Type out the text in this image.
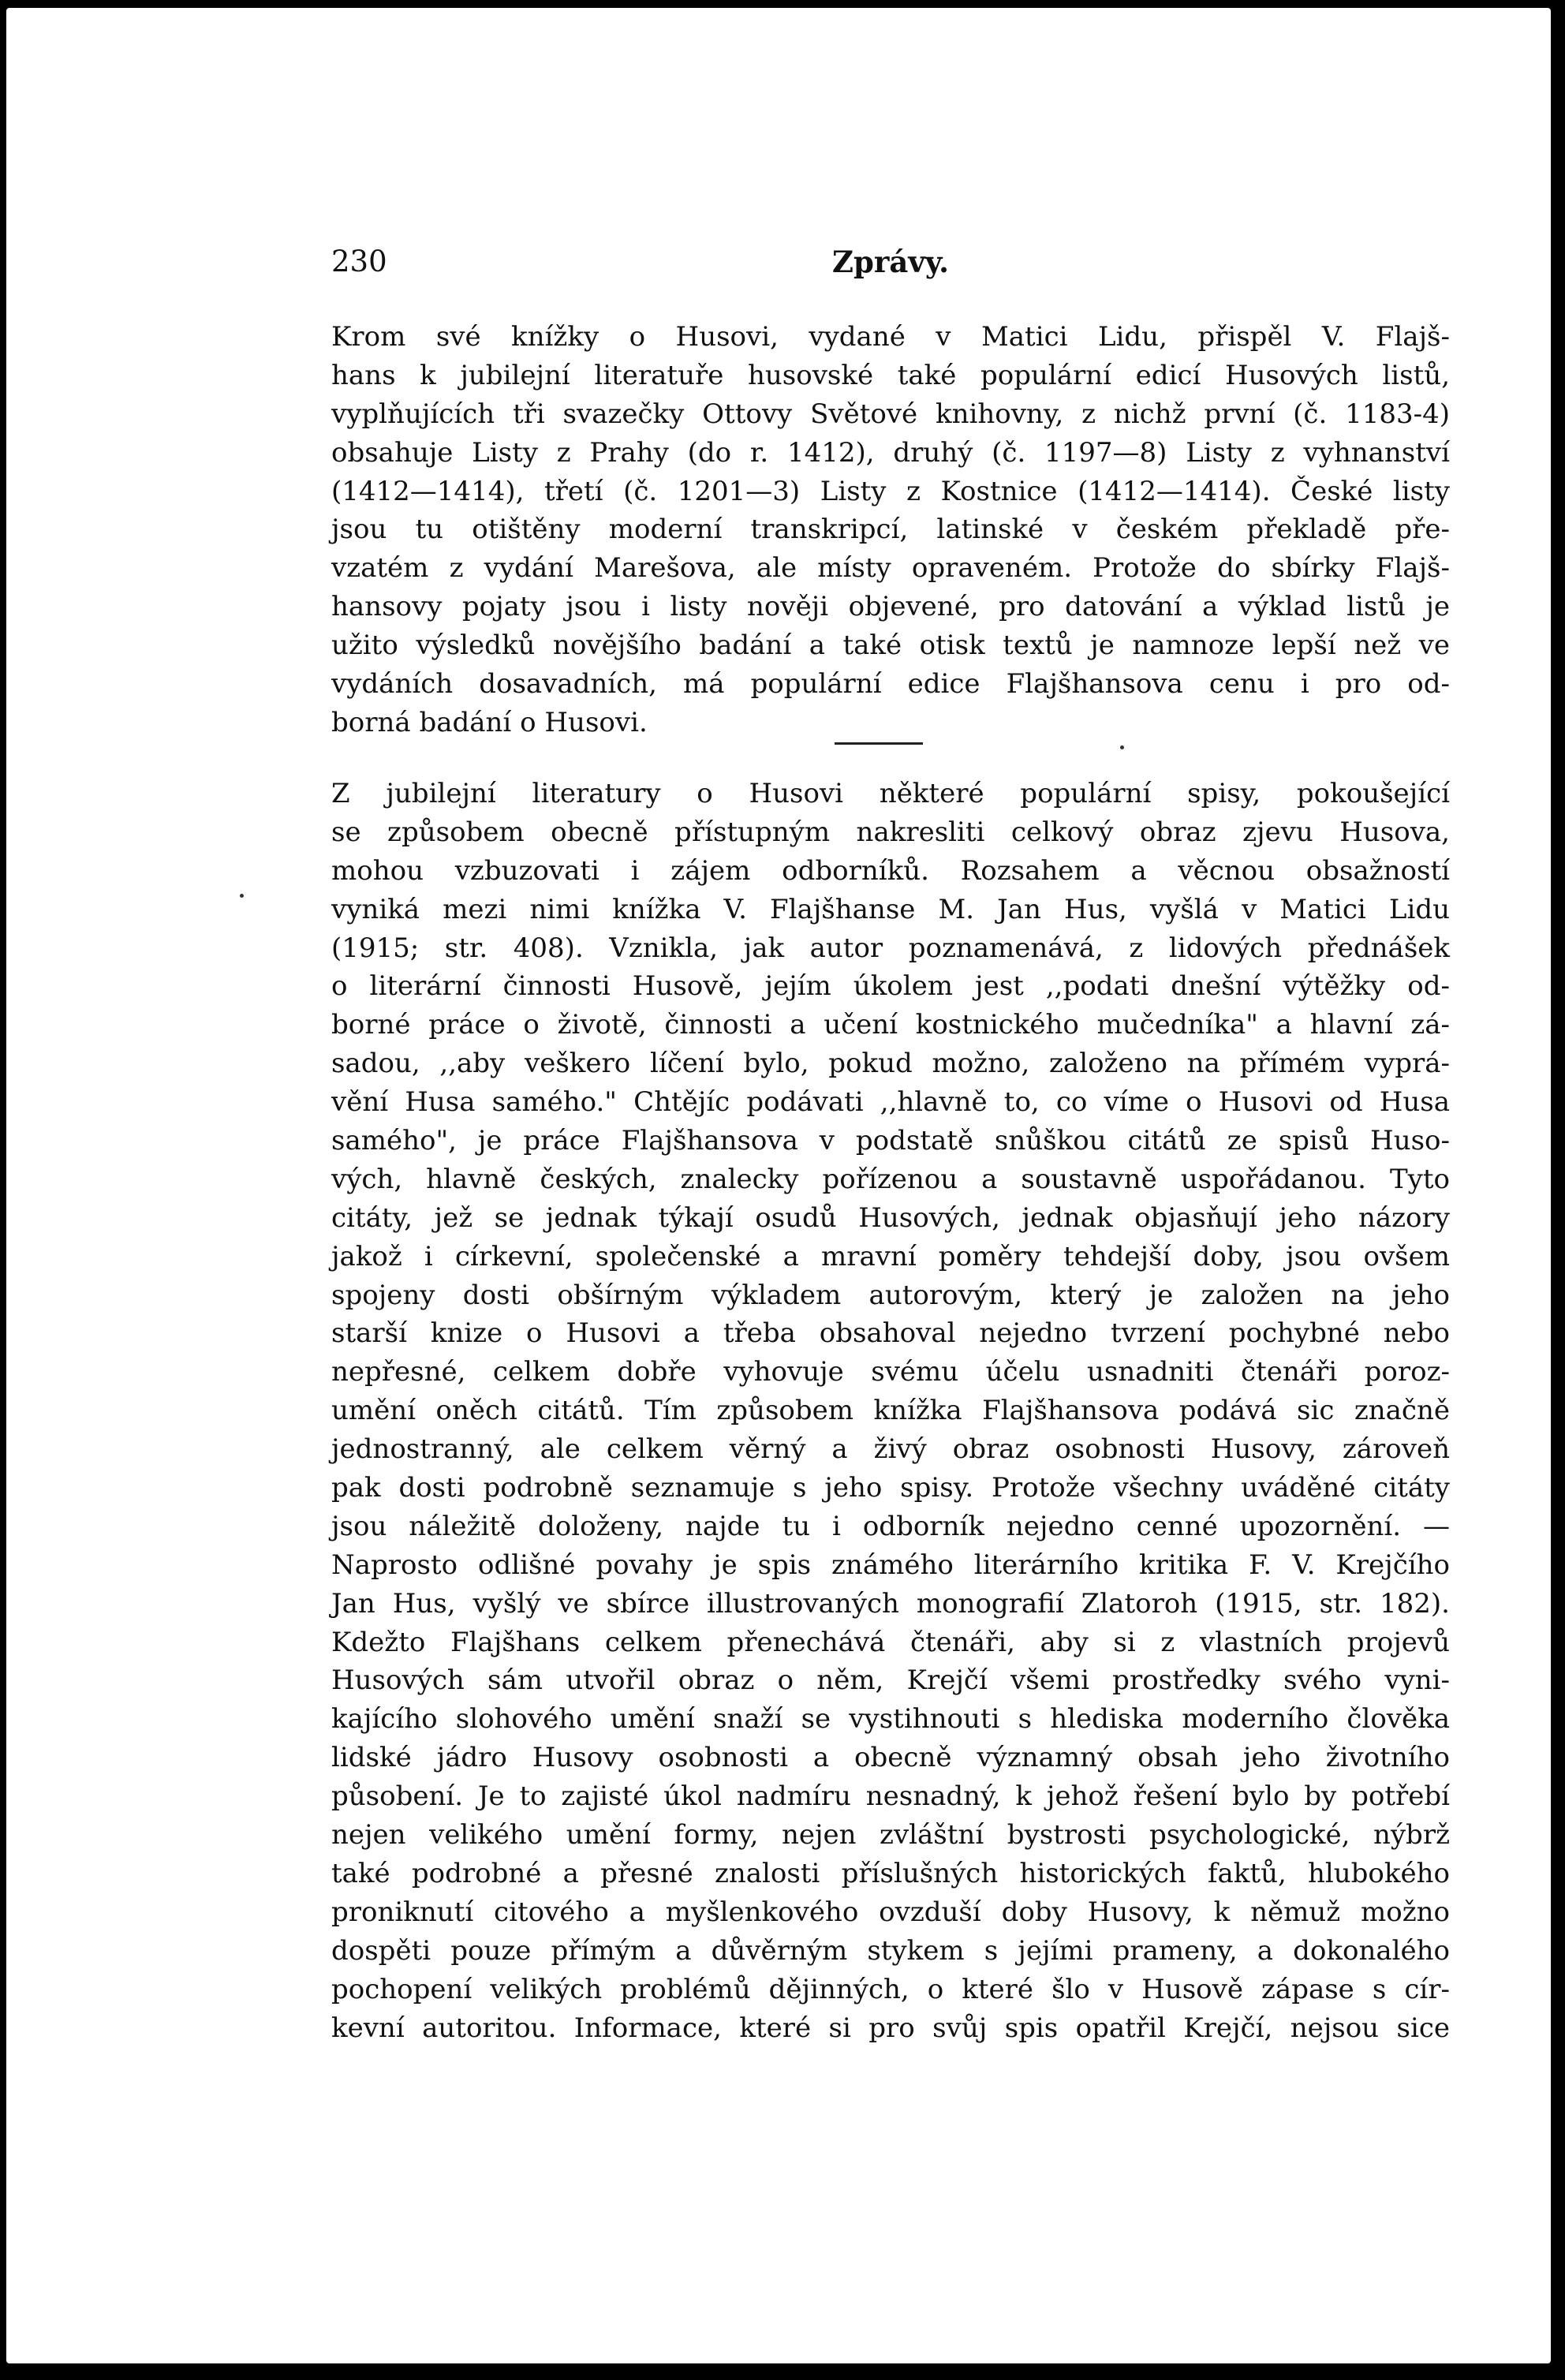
230	Zprávy.
Krom své knížky o Husovi, vydané v Matici Lidu, přispěl V. Flajš-
hans k jubilejní literatuře husovské také populární edicí Husových listů,
vyplňujících tři svazečky Ottovy Světové knihovny, z nichž první (č. 1183-4)
obsahuje Listy z Prahy (do r. 1412), druhý (č. 1197—8) Listy z vyhnanství
(1412—1414), třetí (č. 1201—3) Listy z Kostnice (1412—1414). České listy
jsou tu otištěny moderní transkripcí, latinské v českém překladě pře-
vzatém z vydání Marešova, ale místy opraveném. Protože do sbírky Flajš-
hansovy pojaty jsou i listy nověji objevené, pro datování a výklad listů je
užito výsledků novějšího badání a také otisk textů je namnoze lepší než ve
vydáních dosavadních, má populární edice Flajšhansova cenu i pro od-
borná badání o Husovi.
Z jubilejní literatury o Husovi některé populární spisy, pokoušející
se způsobem obecně přístupným nakresliti celkový obraz zjevu Husova,
mohou vzbuzovati i zájem odborníků. Rozsahem a věcnou obsažností
vyniká mezi nimi knížka V. Flajšhanse M. Jan Hus, vyšlá v Matici Lidu
(1915; str. 408). Vznikla, jak autor poznamenává, z lidových přednášek
o literární činnosti Husově, jejím úkolem jest ,,podati dnešní výtěžky od-
borné práce o životě, činnosti a učení kostnického mučedníka" a hlavní zá-
sadou, ,,aby veškero líčení bylo, pokud možno, založeno na přímém vyprá-
vění Husa samého." Chtějíc podávati ,,hlavně to, co víme o Husovi od Husa
samého", je práce Flajšhansova v podstatě snůškou citátů ze spisů Huso-
vých, hlavně českých, znalecky pořízenou a soustavně uspořádanou. Tyto
citáty, jež se jednak týkají osudů Husových, jednak objasňují jeho názory
jakož i církevní, společenské a mravní poměry tehdejší doby, jsou ovšem
spojeny dosti obšírným výkladem autorovým, který je založen na jeho
starší knize o Husovi a třeba obsahoval nejedno tvrzení pochybné nebo
nepřesné, celkem dobře vyhovuje svému účelu usnadniti čtenáři poroz-
umění oněch citátů. Tím způsobem knížka Flajšhansova podává sic značně
jednostranný, ale celkem věrný a živý obraz osobnosti Husovy, zároveň
pak dosti podrobně seznamuje s jeho spisy. Protože všechny uváděné citáty
jsou náležitě doloženy, najde tu i odborník nejedno cenné upozornění. —
Naprosto odlišné povahy je spis známého literárního kritika F. V. Krejčího
Jan Hus, vyšlý ve sbírce illustrovaných monografií Zlatoroh (1915, str. 182).
Kdežto Flajšhans celkem přenechává čtenáři, aby si z vlastních projevů
Husových sám utvořil obraz o něm, Krejčí všemi prostředky svého vyni-
kajícího slohového umění snaží se vystihnouti s hlediska moderního člověka
lidské jádro Husovy osobnosti a obecně významný obsah jeho životního
působení. Je to zajisté úkol nadmíru nesnadný, k jehož řešení bylo by potřebí
nejen velikého umění formy, nejen zvláštní bystrosti psychologické, nýbrž
také podrobné a přesné znalosti příslušných historických faktů, hlubokého
proniknutí citového a myšlenkového ovzduší doby Husovy, k němuž možno
dospěti pouze přímým a důvěrným stykem s jejími prameny, a dokonalého
pochopení velikých problémů dějinných, o které šlo v Husově zápase s cír-
kevní autoritou. Informace, které si pro svůj spis opatřil Krejčí, nejsou sice
